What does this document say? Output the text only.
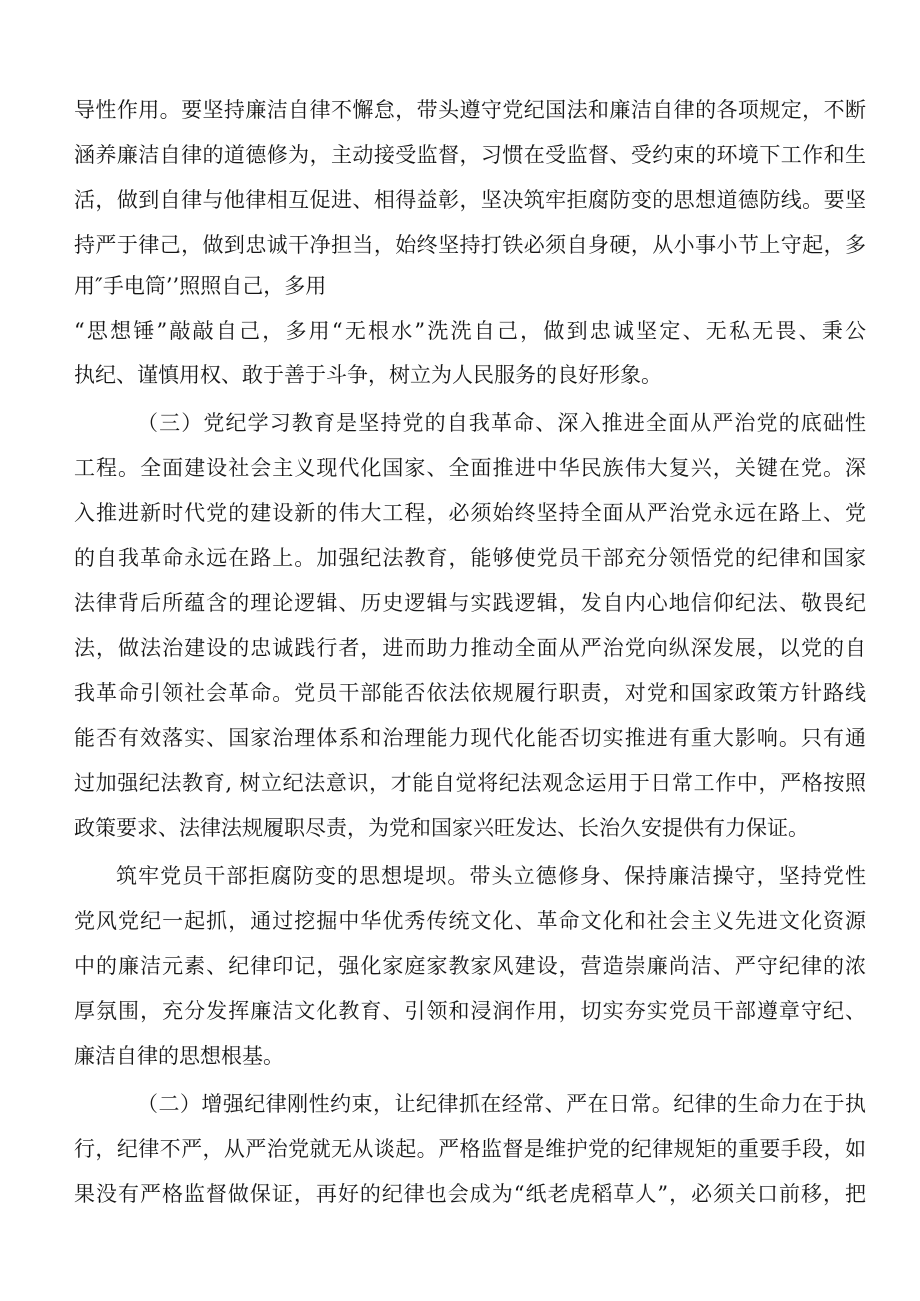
导性作用。要坚持廉洁自律不懈怠，带头遵守党纪国法和廉洁自律的各项规定，不断
涵养廉洁自律的道德修为，主动接受监督，习惯在受监督、受约束的环境下工作和生
活，做到自律与他律相互促进、相得益彰，坚决筑牢拒腐防变的思想道德防线。要坚
持严于律己，做到忠诚干净担当，始终坚持打铁必须自身硬，从小事小节上守起，多
用″手电筒’’照照自己，多用
“思想锤”敲敲自己，多用“无根水”洗洗自己，做到忠诚坚定、无私无畏、秉公
执纪、谨慎用权、敢于善于斗争，树立为人民服务的良好形象。
（三）党纪学习教育是坚持党的自我革命、深入推进全面从严治党的底础性
工程。全面建设社会主义现代化国家、全面推进中华民族伟大复兴，关键在党。深
入推进新时代党的建设新的伟大工程，必须始终坚持全面从严治党永远在路上、党
的自我革命永远在路上。加强纪法教育，能够使党员干部充分领悟党的纪律和国家
法律背后所蕴含的理论逻辑、历史逻辑与实践逻辑，发自内心地信仰纪法、敬畏纪
法，做法治建设的忠诚践行者，进而助力推动全面从严治党向纵深发展，以党的自
我革命引领社会革命。党员干部能否依法依规履行职责，对党和国家政策方针路线
能否有效落实、国家治理体系和治理能力现代化能否切实推进有重大影响。只有通
过加强纪法教育, 树立纪法意识，才能自觉将纪法观念运用于日常工作中，严格按照
政策要求、法律法规履职尽责，为党和国家兴旺发达、长治久安提供有力保证。
筑牢党员干部拒腐防变的思想堤坝。带头立德修身、保持廉洁操守，坚持党性
党风党纪一起抓，通过挖掘中华优秀传统文化、革命文化和社会主义先进文化资源
中的廉洁元素、纪律印记，强化家庭家教家风建设，营造崇廉尚洁、严守纪律的浓
厚氛围，充分发挥廉洁文化教育、引领和浸润作用，切实夯实党员干部遵章守纪、
廉洁自律的思想根基。
（二）增强纪律刚性约束，让纪律抓在经常、严在日常。纪律的生命力在于执
行，纪律不严，从严治党就无从谈起。严格监督是维护党的纪律规矩的重要手段，如
果没有严格监督做保证，再好的纪律也会成为“纸老虎稻草人”，必须关口前移，把
